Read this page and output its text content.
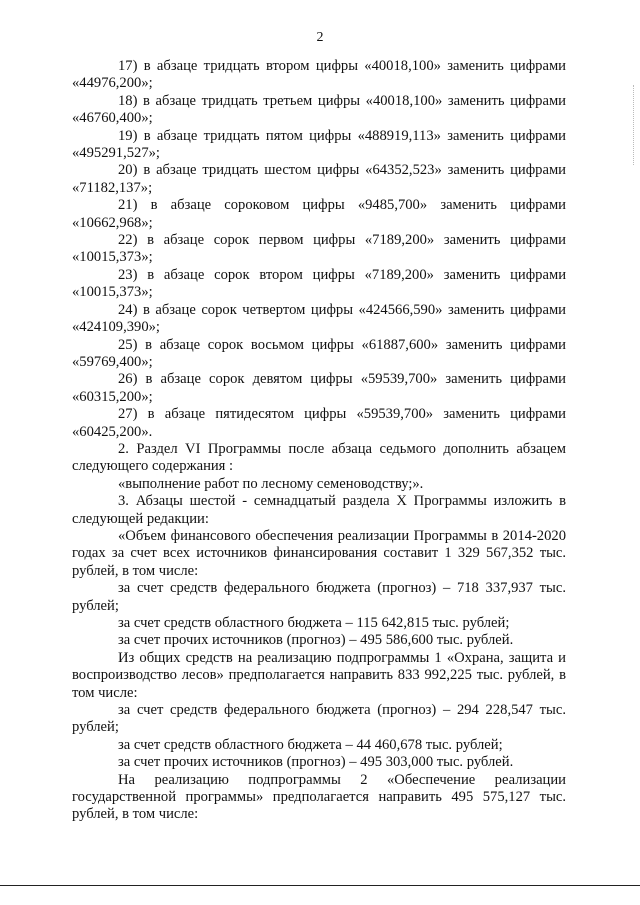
2

17) в абзаце тридцать втором цифры «40018,100» заменить цифрами «44976,200»;

18) в абзаце тридцать третьем цифры «40018,100» заменить цифрами «46760,400»;

19) в абзаце тридцать пятом цифры «488919,113» заменить цифрами «495291,527»;

20) в абзаце тридцать шестом цифры «64352,523» заменить цифрами «71182,137»;

21) в абзаце сороковом цифры «9485,700» заменить цифрами «10662,968»;

22) в абзаце сорок первом цифры «7189,200» заменить цифрами «10015,373»;

23) в абзаце сорок втором цифры «7189,200» заменить цифрами «10015,373»;

24) в абзаце сорок четвертом цифры «424566,590» заменить цифрами «424109,390»;

25) в абзаце сорок восьмом цифры «61887,600» заменить цифрами «59769,400»;

26) в абзаце сорок девятом цифры «59539,700» заменить цифрами «60315,200»;

27) в абзаце пятидесятом цифры «59539,700» заменить цифрами «60425,200».

2. Раздел VI Программы после абзаца седьмого дополнить абзацем следующего содержания :

«выполнение работ по лесному семеноводству;».

3. Абзацы шестой - семнадцатый раздела X Программы изложить в следующей редакции:

«Объем финансового обеспечения реализации Программы в 2014-2020 годах за счет всех источников финансирования составит 1 329 567,352 тыс. рублей, в том числе:

за счет средств федерального бюджета (прогноз) – 718 337,937 тыс. рублей;

за счет средств областного бюджета – 115 642,815 тыс. рублей;

за счет прочих источников (прогноз) – 495 586,600 тыс. рублей.

Из общих средств на реализацию подпрограммы 1 «Охрана, защита и воспроизводство лесов» предполагается направить 833 992,225 тыс. рублей, в том числе:

за счет средств федерального бюджета (прогноз) – 294 228,547 тыс. рублей;

за счет средств областного бюджета – 44 460,678 тыс. рублей;

за счет прочих источников (прогноз) – 495 303,000 тыс. рублей.

На реализацию подпрограммы 2 «Обеспечение реализации государственной программы» предполагается направить 495 575,127 тыс. рублей, в том числе:
